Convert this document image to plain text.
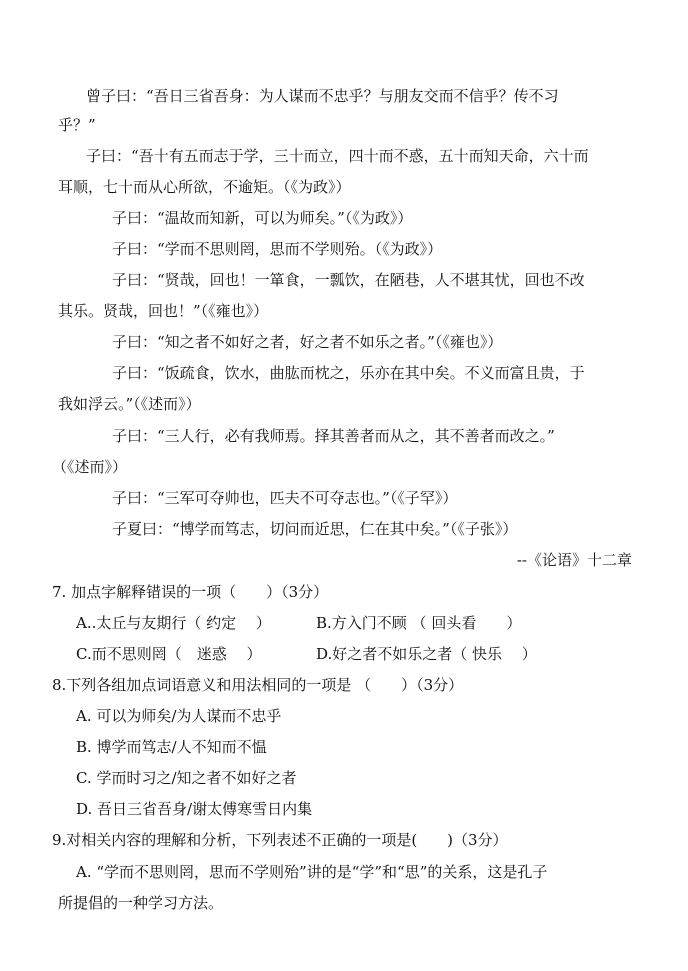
曾子曰：“吾日三省吾身：为人谋而不忠乎？与朋友交而不信乎？传不习
乎？”
子曰：“吾十有五而志于学，三十而立，四十而不惑，五十而知天命，六十而
耳顺，七十而从心所欲，不逾矩。（《为政》）
子曰：“温故而知新，可以为师矣。”（《为政》）
子曰：“学而不思则罔，思而不学则殆。（《为政》）
子曰：“贤哉，回也！一箪食，一瓢饮，在陋巷，人不堪其忧，回也不改
其乐。贤哉，回也！”（《雍也》）
子曰：“知之者不如好之者，好之者不如乐之者。”（《雍也》）
子曰：“饭疏食，饮水，曲肱而枕之，乐亦在其中矣。不义而富且贵，于
我如浮云。”（《述而》）
子曰：“三人行，必有我师焉。择其善者而从之，其不善者而改之。”
（《述而》）
子曰：“三军可夺帅也，匹夫不可夺志也。”（《子罕》）
子夏曰：“博学而笃志，切问而近思，仁在其中矣。”（《子张》）
--《论语》十二章
7. 加点字解释错误的一项（　　）（3分）
A..太丘与友期行（ 约定　 ）	B.方入门不顾 （ 回头看　　）
C.而不思则罔（　迷惑　 ）	D.好之者不如乐之者（ 快乐　 ）
8.下列各组加点词语意义和用法相同的一项是 （　　）（3分）
A. 可以为师矣/为人谋而不忠乎
B. 博学而笃志/人不知而不愠
C. 学而时习之/知之者不如好之者
D. 吾日三省吾身/谢太傅寒雪日内集
9.对相关内容的理解和分析，下列表述不正确的一项是(　　)（3分）
A. “学而不思则罔，思而不学则殆”讲的是“学”和“思”的关系，这是孔子
所提倡的一种学习方法。
